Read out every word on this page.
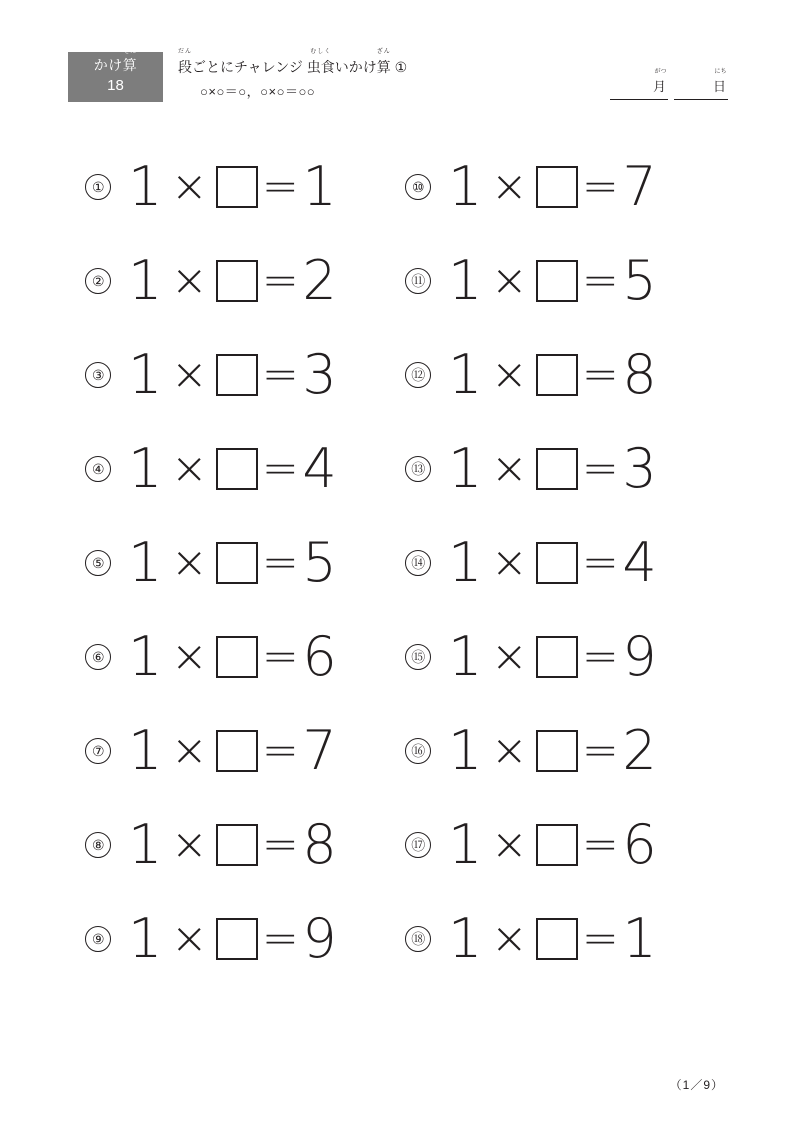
かけ算
ざん
18
だん
段ごとにチャレンジ
むしく
虫食いかけ
ざん
算 ①
○×○＝○，○×○＝○○
がつ
月
にち
日
① 1 × = 1
② 1 × = 2
③ 1 × = 3
④ 1 × = 4
⑤ 1 × = 5
⑥ 1 × = 6
⑦ 1 × = 7
⑧ 1 × = 8
⑨ 1 × = 9
⑩ 1 × = 7
⑪ 1 × = 5
⑫ 1 × = 8
⑬ 1 × = 3
⑭ 1 × = 4
⑮ 1 × = 9
⑯ 1 × = 2
⑰ 1 × = 6
⑱ 1 × = 1
（1／9）
